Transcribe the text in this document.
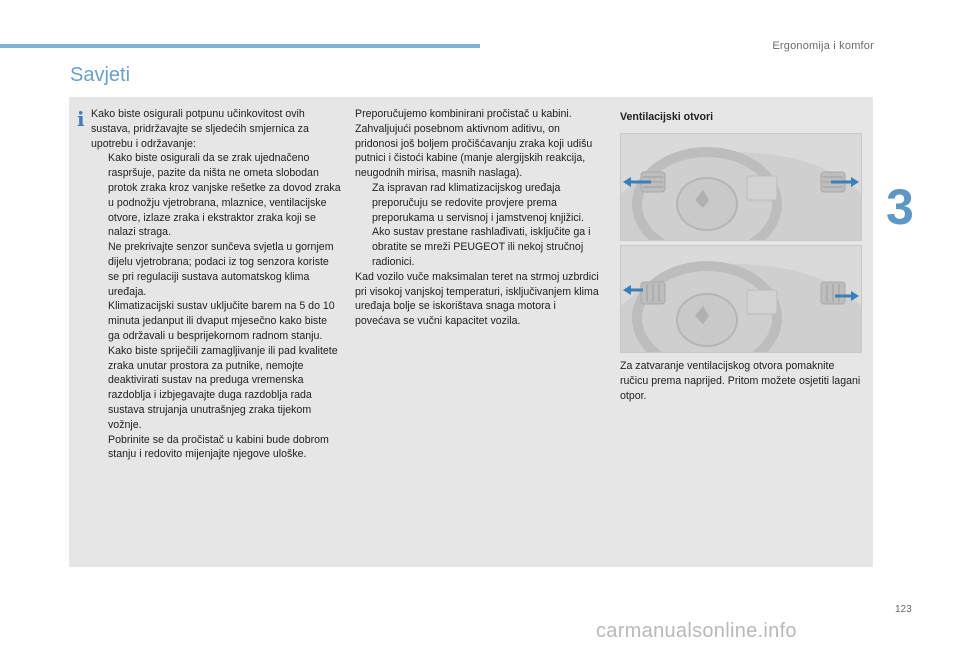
Ergonomija i komfor
Savjeti
3
i Kako biste osigurali potpunu učinkovitost ovih sustava, pridržavajte se sljedećih smjernica za upotrebu i održavanje:

Kako biste osigurali da se zrak ujednačeno raspršuje, pazite da ništa ne ometa slobodan protok zraka kroz vanjske rešetke za dovod zraka u podnožju vjetrobrana, mlaznice, ventilacijske otvore, izlaze zraka i ekstraktor zraka koji se nalazi straga.
Ne prekrivajte senzor sunčeva svjetla u gornjem dijelu vjetrobrana; podaci iz tog senzora koriste se pri regulaciji sustava automatskog klima uređaja.
Klimatizacijski sustav uključite barem na 5 do 10 minuta jedanput ili dvaput mjesečno kako biste ga održavali u besprijekornom radnom stanju.
Kako biste spriječili zamagljivanje ili pad kvalitete zraka unutar prostora za putnike, nemojte deaktivirati sustav na preduga vremenska razdoblja i izbjegavajte duga razdoblja rada sustava strujanja unutrašnjeg zraka tijekom vožnje.
Pobrinite se da pročistač u kabini bude dobrom stanju i redovito mijenjajte njegove uloške.

Preporučujemo kombinirani pročistač u kabini. Zahvaljujući posebnom aktivnom aditivu, on pridonosi još boljem pročišćavanju zraka koji udišu putnici i čistoći kabine (manje alergijskih reakcija, neugodnih mirisa, masnih naslaga).

Za ispravan rad klimatizacijskog uređaja preporučuju se redovite provjere prema preporukama u servisnoj i jamstvenoj knjižici.
Ako sustav prestane rashlađivati, isključite ga i obratite se mreži PEUGEOT ili nekoj stručnoj radionici.

Kad vozilo vuče maksimalan teret na strmoj uzbrdici pri visokoj vanjskoj temperaturi, isključivanjem klima uređaja bolje se iskorištava snaga motora i povećava se vučni kapacitet vozila.

Ventilacijski otvori

Za zatvaranje ventilacijskog otvora pomaknite ručicu prema naprijed. Pritom možete osjetiti lagani otpor.
123
carmanualsonline.info
